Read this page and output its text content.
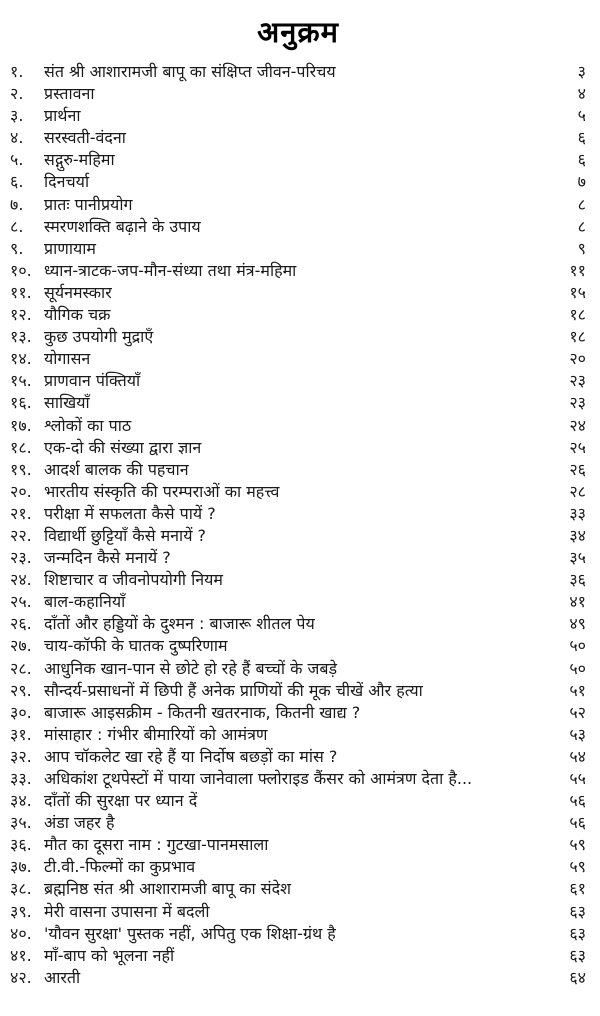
अनुक्रम
१.	संत श्री आशारामजी बापू का संक्षिप्त जीवन-परिचय	३
२.	प्रस्तावना	४
३.	प्रार्थना	५
४.	सरस्वती-वंदना	६
५.	सद्गुरु-महिमा	६
६.	दिनचर्या	७
७.	प्रातः पानीप्रयोग	८
८.	स्मरणशक्ति बढ़ाने के उपाय	८
९.	प्राणायाम	९
१०. ध्यान-त्राटक-जप-मौन-संध्या तथा मंत्र-महिमा	११
११. सूर्यनमस्कार	१५
१२. यौगिक चक्र	१८
१३. कुछ उपयोगी मुद्राएँ	१८
१४. योगासन	२०
१५. प्राणवान पंक्तियाँ	२३
१६. साखियाँ	२३
१७. श्लोकों का पाठ	२४
१८. एक-दो की संख्या द्वारा ज्ञान	२५
१९. आदर्श बालक की पहचान	२६
२०. भारतीय संस्कृति की परम्पराओं का महत्त्व	२८
२१. परीक्षा में सफलता कैसे पायें ?	३३
२२. विद्यार्थी छुट्टियाँ कैसे मनायें ?	३४
२३. जन्मदिन कैसे मनायें ?	३५
२४. शिष्टाचार व जीवनोपयोगी नियम	३६
२५. बाल-कहानियाँ	४१
२६. दाँतों और हड्डियों के दुश्मन : बाजारू शीतल पेय	४९
२७. चाय-कॉफी के घातक दुष्परिणाम	५०
२८. आधुनिक खान-पान से छोटे हो रहे हैं बच्चों के जबड़े	५०
२९. सौन्दर्य-प्रसाधनों में छिपी हैं अनेक प्राणियों की मूक चीखें और हत्या	५१
३०. बाजारू आइसक्रीम - कितनी खतरनाक, कितनी खाद्य ?	५२
३१. मांसाहार : गंभीर बीमारियों को आमंत्रण	५३
३२. आप चॉकलेट खा रहे हैं या निर्दोष बछड़ों का मांस ?	५४
३३. अधिकांश टूथपेस्टों में पाया जानेवाला फ्लोराइड कैंसर को आमंत्रण देता है...	५५
३४. दाँतों की सुरक्षा पर ध्यान दें	५६
३५. अंडा जहर है	५६
३६. मौत का दूसरा नाम : गुटखा-पानमसाला	५९
३७. टी.वी.-फिल्मों का कुप्रभाव	५९
३८. ब्रह्मनिष्ठ संत श्री आशारामजी बापू का संदेश	६१
३९. मेरी वासना उपासना में बदली	६३
४०. 'यौवन सुरक्षा' पुस्तक नहीं, अपितु एक शिक्षा-ग्रंथ है	६३
४१. माँ-बाप को भूलना नहीं	६३
४२. आरती	६४
